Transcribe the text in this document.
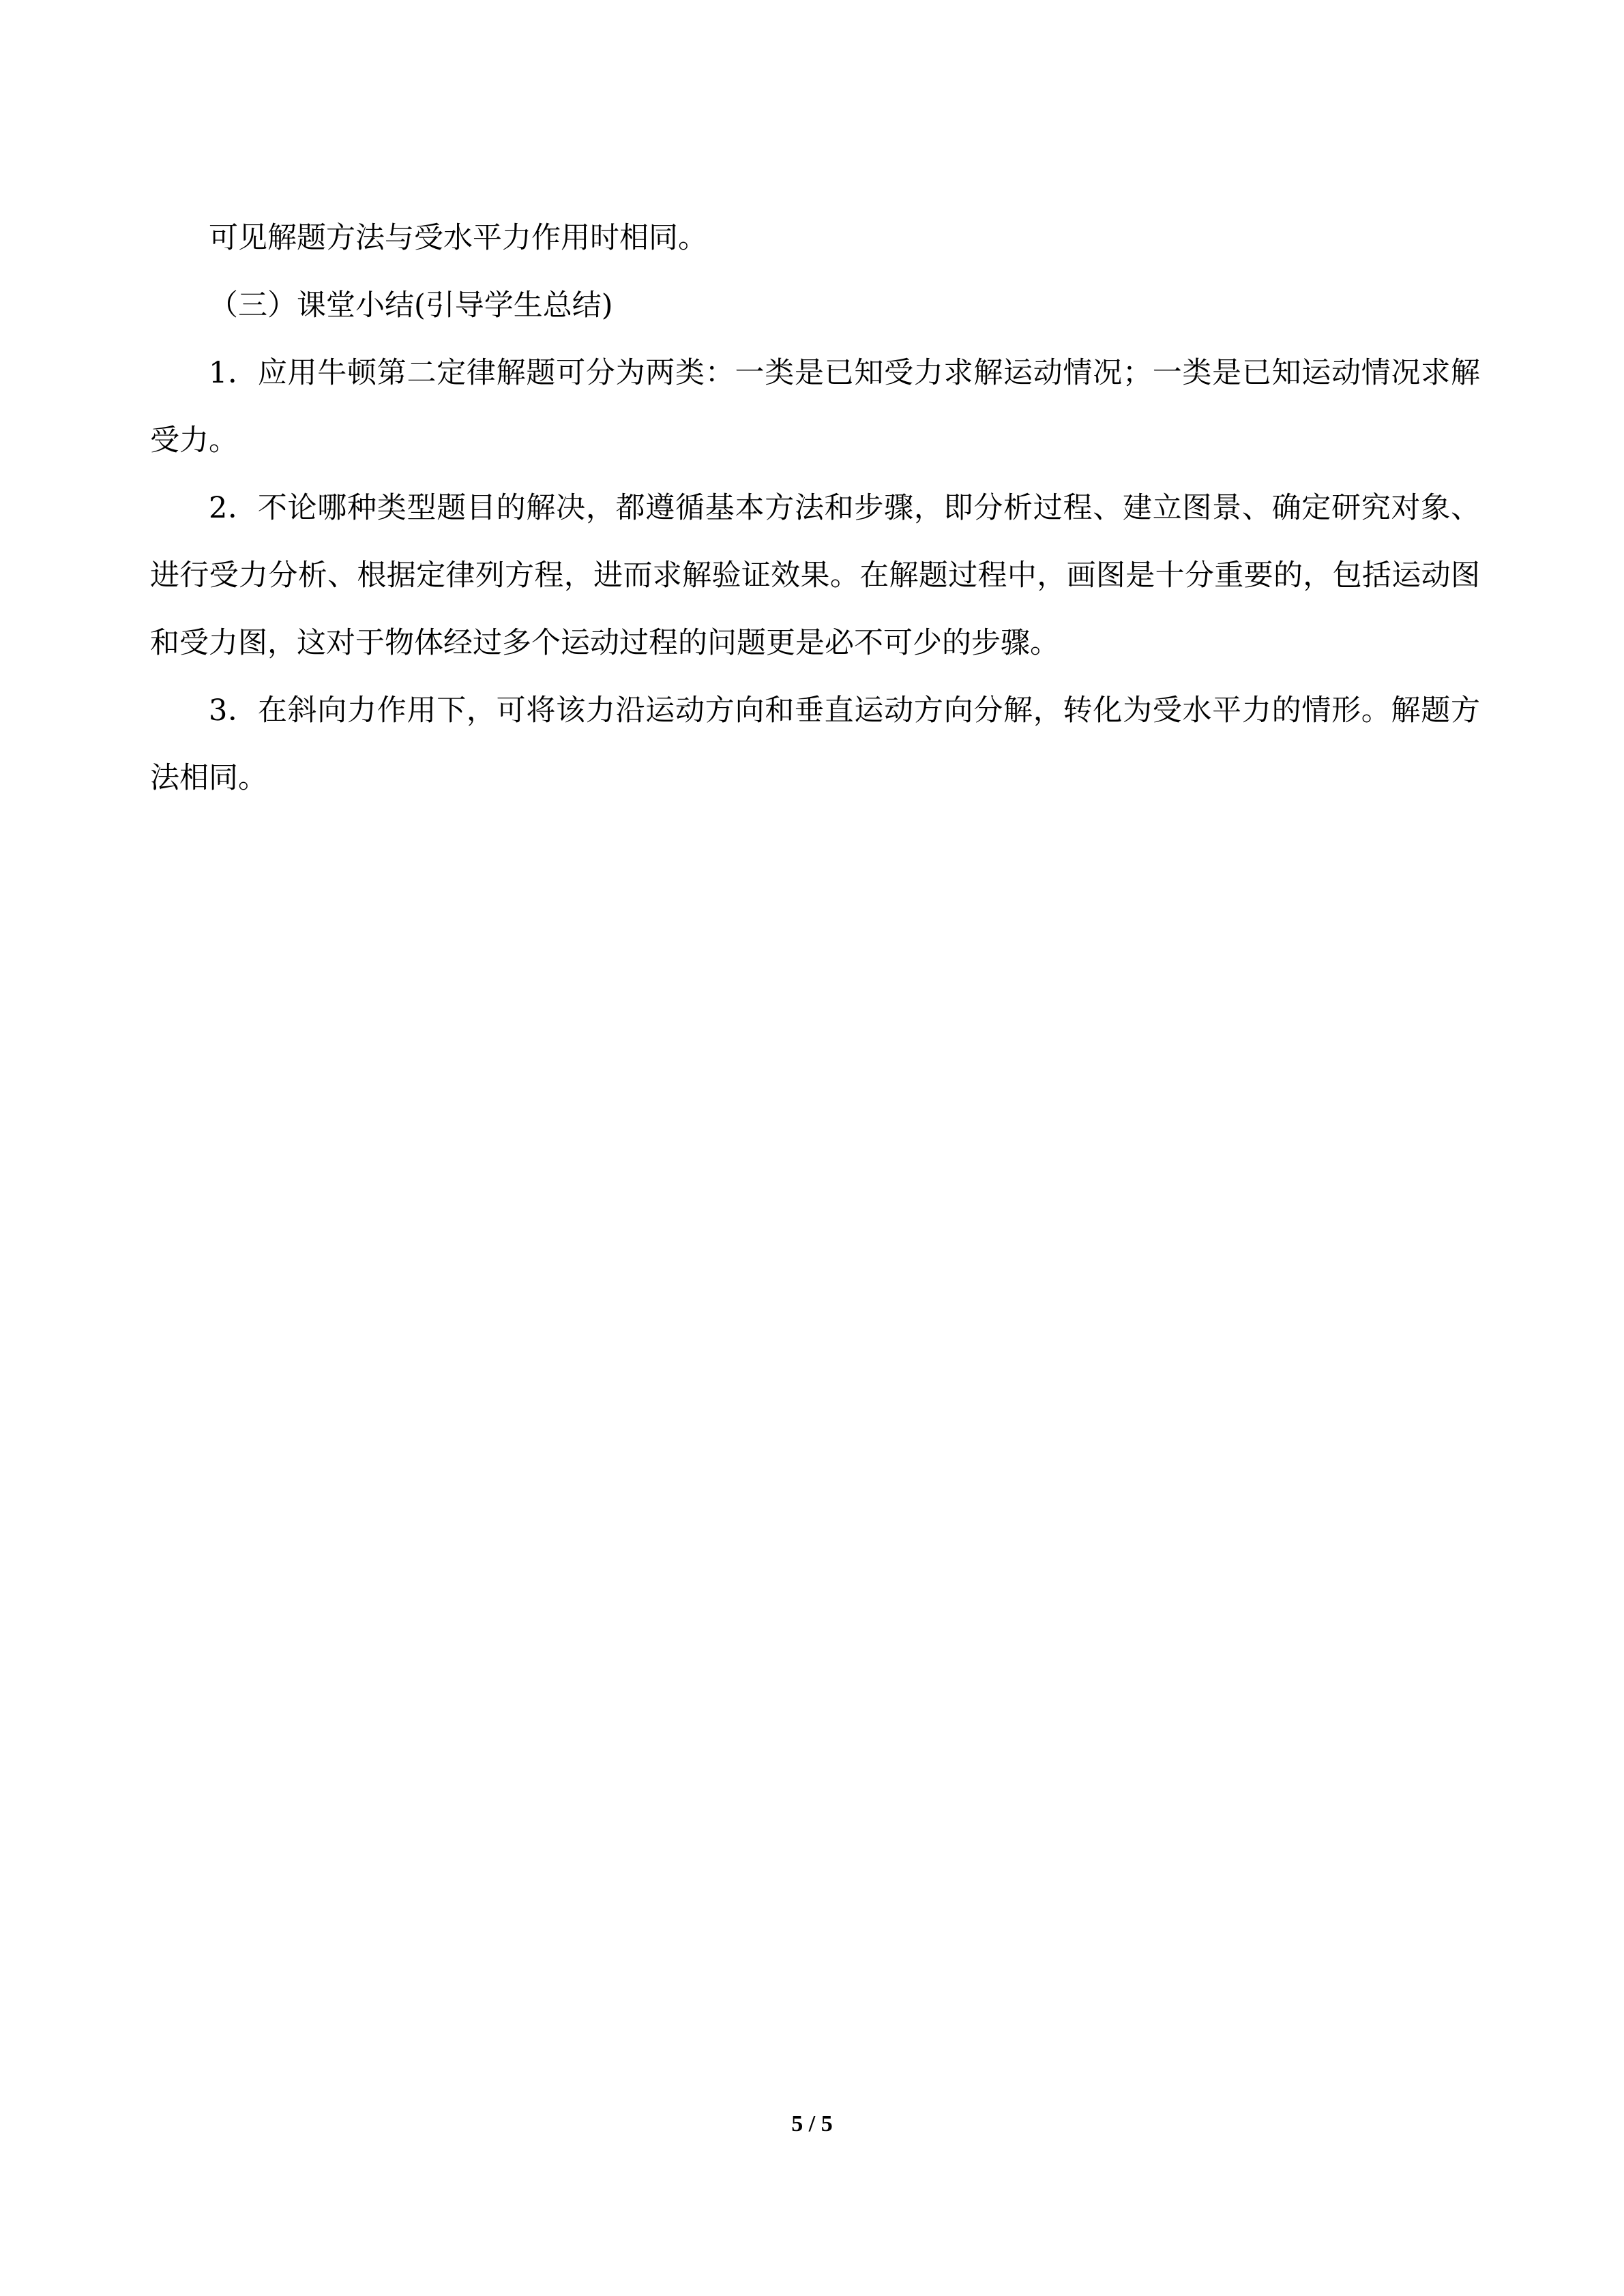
可见解题方法与受水平力作用时相同。

（三）课堂小结(引导学生总结)

1．应用牛顿第二定律解题可分为两类：一类是已知受力求解运动情况；一类是已知运动情况求解受力。

2．不论哪种类型题目的解决，都遵循基本方法和步骤，即分析过程、建立图景、确定研究对象、进行受力分析、根据定律列方程，进而求解验证效果。在解题过程中，画图是十分重要的，包括运动图和受力图，这对于物体经过多个运动过程的问题更是必不可少的步骤。

3．在斜向力作用下，可将该力沿运动方向和垂直运动方向分解，转化为受水平力的情形。解题方法相同。

5 / 5
